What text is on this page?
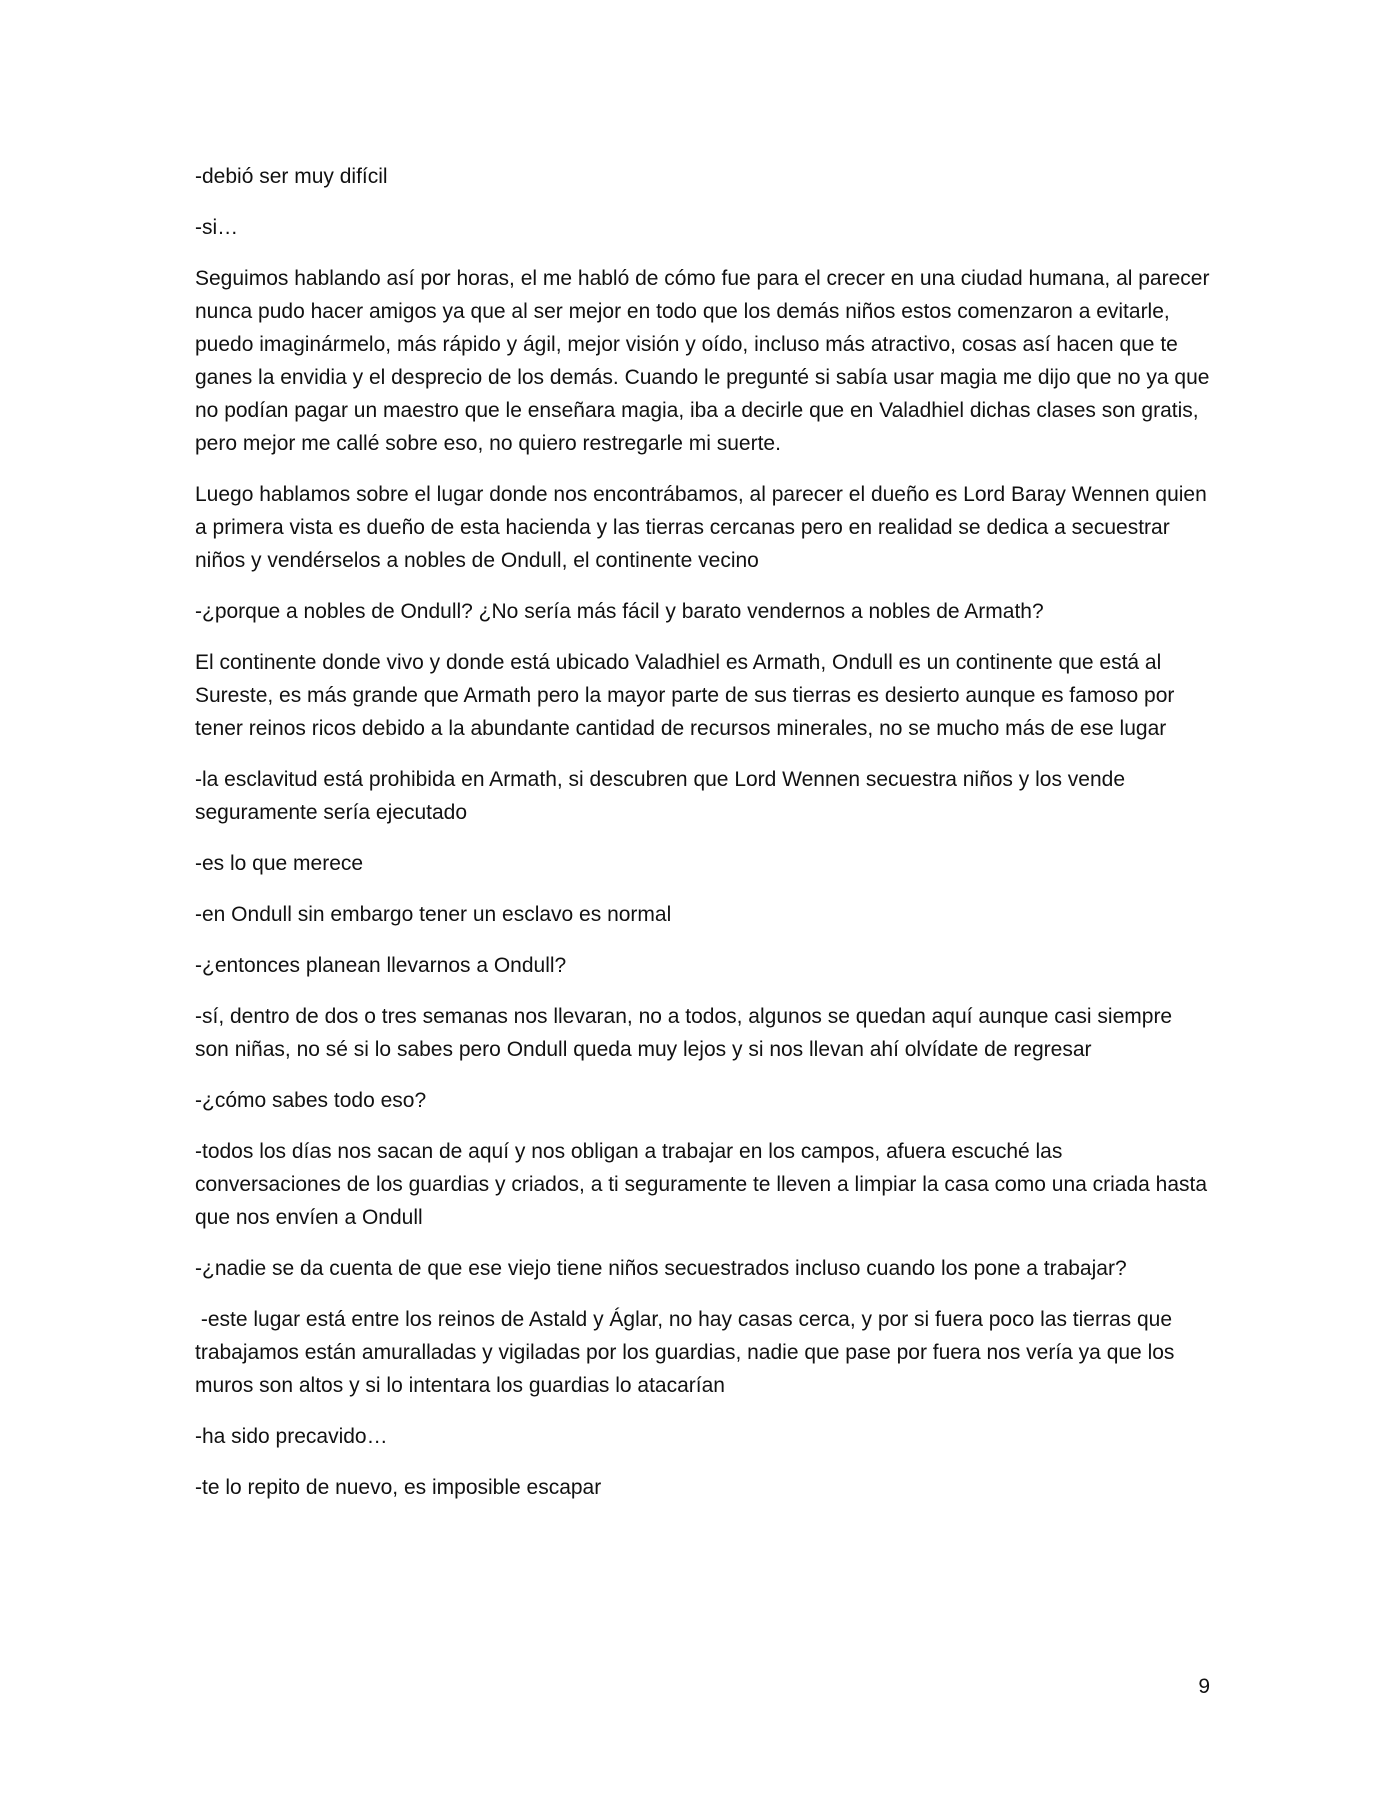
-debió ser muy difícil

-si…

Seguimos hablando así por horas, el me habló de cómo fue para el crecer en una ciudad humana, al parecer nunca pudo hacer amigos ya que al ser mejor en todo que los demás niños estos comenzaron a evitarle, puedo imaginármelo, más rápido y ágil, mejor visión y oído, incluso más atractivo, cosas así hacen que te ganes la envidia y el desprecio de los demás. Cuando le pregunté si sabía usar magia me dijo que no ya que no podían pagar un maestro que le enseñara magia, iba a decirle que en Valadhiel dichas clases son gratis, pero mejor me callé sobre eso, no quiero restregarle mi suerte.

Luego hablamos sobre el lugar donde nos encontrábamos, al parecer el dueño es Lord Baray Wennen quien a primera vista es dueño de esta hacienda y las tierras cercanas pero en realidad se dedica a secuestrar niños y vendérselos a nobles de Ondull, el continente vecino

-¿porque a nobles de Ondull? ¿No sería más fácil y barato vendernos a nobles de Armath?

El continente donde vivo y donde está ubicado Valadhiel es Armath, Ondull es un continente que está al Sureste, es más grande que Armath pero la mayor parte de sus tierras es desierto aunque es famoso por tener reinos ricos debido a la abundante cantidad de recursos minerales, no se mucho más de ese lugar

-la esclavitud está prohibida en Armath, si descubren que Lord Wennen secuestra niños y los vende seguramente sería ejecutado

-es lo que merece

-en Ondull sin embargo tener un esclavo es normal

-¿entonces planean llevarnos a Ondull?

-sí, dentro de dos o tres semanas nos llevaran, no a todos, algunos se quedan aquí aunque casi siempre son niñas, no sé si lo sabes pero Ondull queda muy lejos y si nos llevan ahí olvídate de regresar

-¿cómo sabes todo eso?

-todos los días nos sacan de aquí y nos obligan a trabajar en los campos, afuera escuché las conversaciones de los guardias y criados, a ti seguramente te lleven a limpiar la casa como una criada hasta que nos envíen a Ondull

-¿nadie se da cuenta de que ese viejo tiene niños secuestrados incluso cuando los pone a trabajar?

-este lugar está entre los reinos de Astald y Áglar, no hay casas cerca, y por si fuera poco las tierras que trabajamos están amuralladas y vigiladas por los guardias, nadie que pase por fuera nos vería ya que los muros son altos y si lo intentara los guardias lo atacarían

-ha sido precavido…

-te lo repito de nuevo, es imposible escapar

9
